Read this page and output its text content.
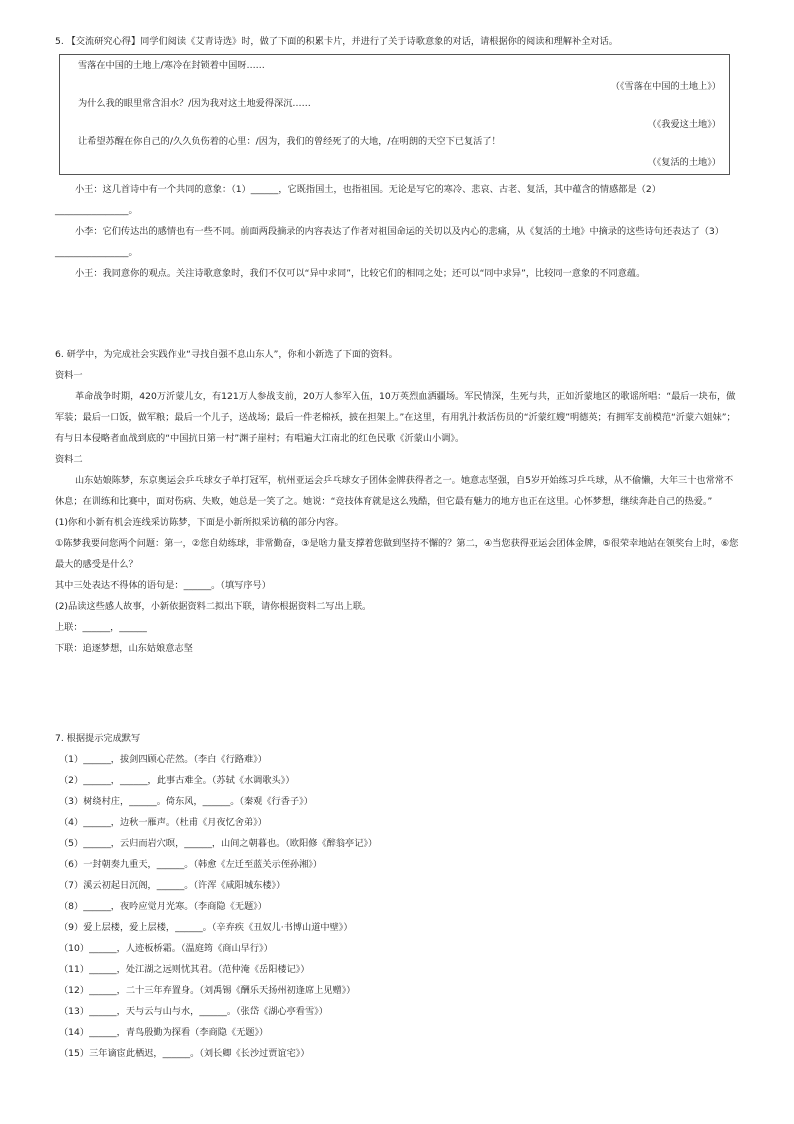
5. 【交流研究心得】同学们阅读《艾青诗选》时，做了下面的积累卡片，并进行了关于诗歌意象的对话，请根据你的阅读和理解补全对话。
雪落在中国的土地上/寒冷在封锁着中国呀……
（《雪落在中国的土地上》）
为什么我的眼里常含泪水？/因为我对这土地爱得深沉……
（《我爱这土地》）
让希望苏醒在你自己的/久久负伤着的心里：/因为，我们的曾经死了的大地，/在明朗的天空下已复活了！
（《复活的土地》）
小王：这几首诗中有一个共同的意象：（1）______，它既指国土，也指祖国。无论是写它的寒冷、悲哀、古老、复活，其中蕴含的情感都是（2）________________。
小李：它们传达出的感情也有一些不同。前面两段摘录的内容表达了作者对祖国命运的关切以及内心的悲痛，从《复活的土地》中摘录的这些诗句还表达了（3）________________。
小王：我同意你的观点。关注诗歌意象时，我们不仅可以“异中求同”，比较它们的相同之处；还可以“同中求异”，比较同一意象的不同意蕴。
6. 研学中，为完成社会实践作业“寻找自强不息山东人”，你和小新选了下面的资料。
资料一
革命战争时期，420万沂蒙儿女，有121万人参战支前，20万人参军入伍，10万英烈血洒疆场。军民情深，生死与共，正如沂蒙地区的歌谣所唱：“最后一块布，做军装；最后一口饭，做军粮；最后一个儿子，送战场；最后一件老棉袄，披在担架上。”在这里，有用乳汁救活伤员的“沂蒙红嫂”明德英；有拥军支前模范“沂蒙六姐妹”；有与日本侵略者血战到底的“中国抗日第一村”渊子崖村；有唱遍大江南北的红色民歌《沂蒙山小调》。
资料二
山东姑娘陈梦，东京奥运会乒乓球女子单打冠军，杭州亚运会乒乓球女子团体金牌获得者之一。她意志坚强，自5岁开始练习乒乓球，从不偷懒，大年三十也常常不休息；在训练和比赛中，面对伤病、失败，她总是一笑了之。她说：“竞技体育就是这么残酷，但它最有魅力的地方也正在这里。心怀梦想，继续奔赴自己的热爱。”
(1)你和小新有机会连线采访陈梦，下面是小新所拟采访稿的部分内容。
①陈梦我要问您两个问题：第一，②您自幼练球，非常勤奋，③是啥力量支撑着您做到坚持不懈的？第二，④当您获得亚运会团体金牌，⑤很荣幸地站在领奖台上时，⑥您最大的感受是什么？
其中三处表达不得体的语句是：______。（填写序号）
(2)品读这些感人故事，小新依据资料二拟出下联，请你根据资料二写出上联。
上联：______，______
下联：追逐梦想，山东姑娘意志坚
7. 根据提示完成默写
（1）______，拔剑四顾心茫然。（李白《行路难》）
（2）______，______，此事古难全。（苏轼《水调歌头》）
（3）树绕村庄，______。倚东风，______。（秦观《行香子》）
（4）______，边秋一雁声。（杜甫《月夜忆舍弟》）
（5）______，云归而岩穴暝，______，山间之朝暮也。（欧阳修《醉翁亭记》）
（6）一封朝奏九重天，______。（韩愈《左迁至蓝关示侄孙湘》）
（7）溪云初起日沉阁，______。（许浑《咸阳城东楼》）
（8）______，夜吟应觉月光寒。（李商隐《无题》）
（9）爱上层楼，爱上层楼，______。（辛弃疾《丑奴儿·书博山道中壁》）
（10）______，人迹板桥霜。（温庭筠《商山早行》）
（11）______，处江湖之远则忧其君。（范仲淹《岳阳楼记》）
（12）______，二十三年弃置身。（刘禹锡《酬乐天扬州初逢席上见赠》）
（13）______，天与云与山与水，______。（张岱《湖心亭看雪》）
（14）______，青鸟殷勤为探看（李商隐《无题》）
（15）三年谪宦此栖迟，______。（刘长卿《长沙过贾谊宅》）
